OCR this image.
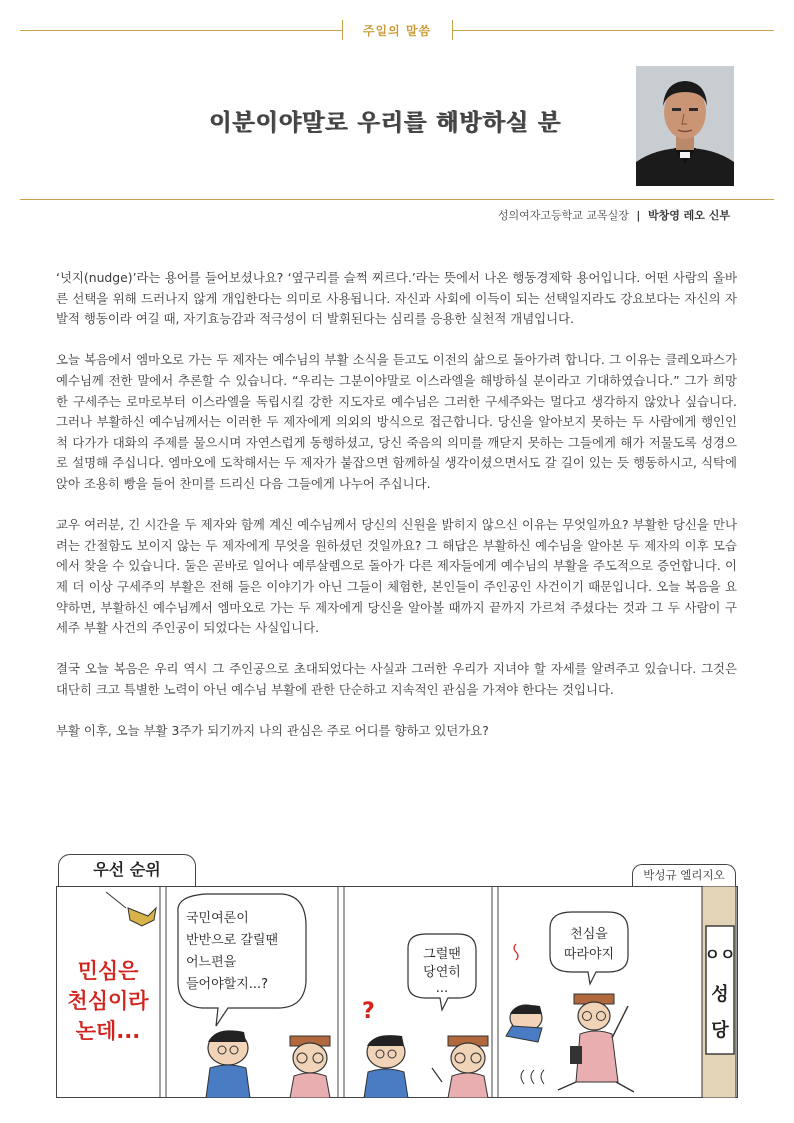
주일의 말씀
이분이야말로 우리를 해방하실 분
성의여자고등학교 교목실장 | 박창영 레오 신부

‘넛지(nudge)’라는 용어를 들어보셨나요? ‘옆구리를 슬쩍 찌르다.’라는 뜻에서 나온 행동경제학 용어입니다. 어떤 사람의 올바른 선택을 위해 드러나지 않게 개입한다는 의미로 사용됩니다. 자신과 사회에 이득이 되는 선택일지라도 강요보다는 자신의 자발적 행동이라 여길 때, 자기효능감과 적극성이 더 발휘된다는 심리를 응용한 실천적 개념입니다.

오늘 복음에서 엠마오로 가는 두 제자는 예수님의 부활 소식을 듣고도 이전의 삶으로 돌아가려 합니다. 그 이유는 클레오파스가 예수님께 전한 말에서 추론할 수 있습니다. “우리는 그분이야말로 이스라엘을 해방하실 분이라고 기대하였습니다.” 그가 희망한 구세주는 로마로부터 이스라엘을 독립시킬 강한 지도자로 예수님은 그러한 구세주와는 멀다고 생각하지 않았나 싶습니다. 그러나 부활하신 예수님께서는 이러한 두 제자에게 의외의 방식으로 접근합니다. 당신을 알아보지 못하는 두 사람에게 행인인 척 다가가 대화의 주제를 물으시며 자연스럽게 동행하셨고, 당신 죽음의 의미를 깨닫지 못하는 그들에게 해가 저물도록 성경으로 설명해 주십니다. 엠마오에 도착해서는 두 제자가 붙잡으면 함께하실 생각이셨으면서도 갈 길이 있는 듯 행동하시고, 식탁에 앉아 조용히 빵을 들어 찬미를 드리신 다음 그들에게 나누어 주십니다.

교우 여러분, 긴 시간을 두 제자와 함께 계신 예수님께서 당신의 신원을 밝히지 않으신 이유는 무엇일까요? 부활한 당신을 만나려는 간절함도 보이지 않는 두 제자에게 무엇을 원하셨던 것일까요? 그 해답은 부활하신 예수님을 알아본 두 제자의 이후 모습에서 찾을 수 있습니다. 둘은 곧바로 일어나 예루살렘으로 돌아가 다른 제자들에게 예수님의 부활을 주도적으로 증언합니다. 이제 더 이상 구세주의 부활은 전해 들은 이야기가 아닌 그들이 체험한, 본인들이 주인공인 사건이기 때문입니다. 오늘 복음을 요약하면, 부활하신 예수님께서 엠마오로 가는 두 제자에게 당신을 알아볼 때까지 끝까지 가르쳐 주셨다는 것과 그 두 사람이 구세주 부활 사건의 주인공이 되었다는 사실입니다.

결국 오늘 복음은 우리 역시 그 주인공으로 초대되었다는 사실과 그러한 우리가 지녀야 할 자세를 알려주고 있습니다. 그것은 대단히 크고 특별한 노력이 아닌 예수님 부활에 관한 단순하고 지속적인 관심을 가져야 한다는 것입니다.

부활 이후, 오늘 부활 3주가 되기까지 나의 관심은 주로 어디를 향하고 있던가요?

우선 순위	박성규 엘리지오
민심은
천심이라
논데...
국민여론이
반반으로 갈릴땐
어느편을
들어야할지...?
?
그럴땐
당연히
...
천심을
따라야지	ㅇㅇ
성
당
